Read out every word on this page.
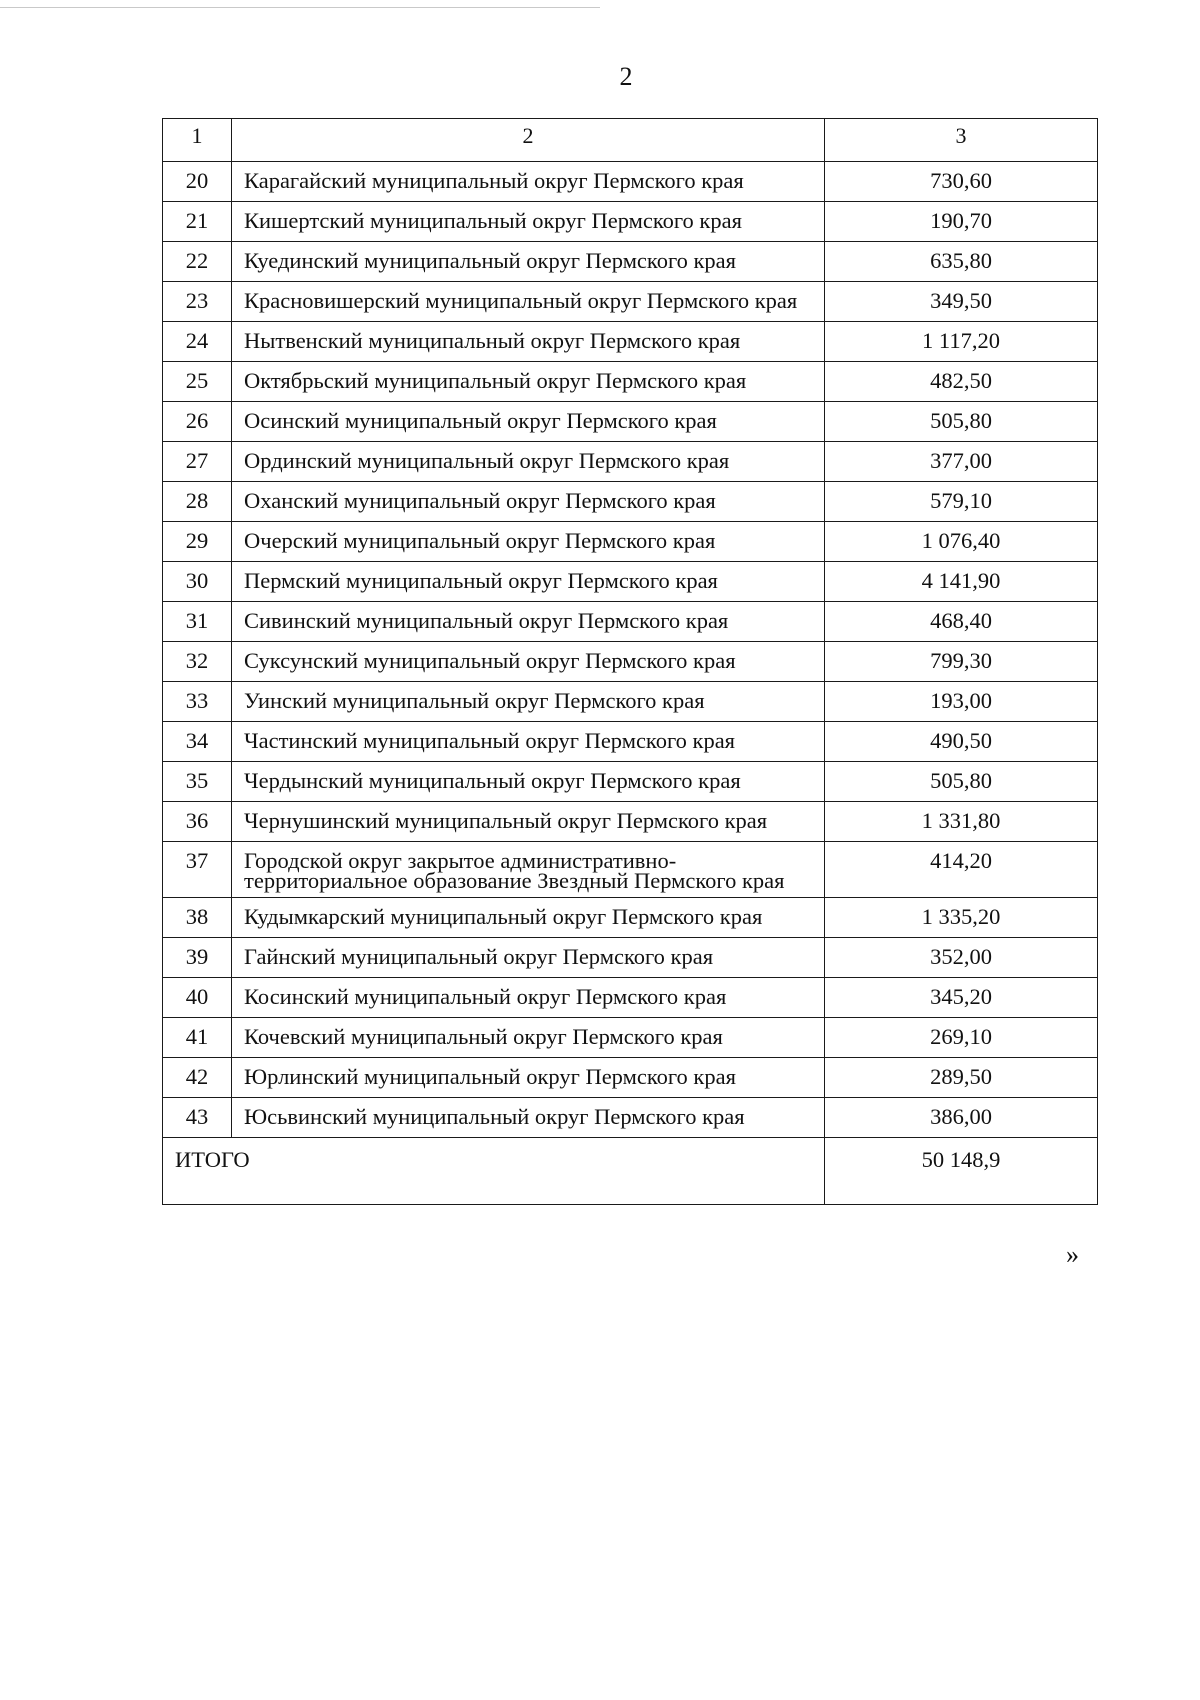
2
1	2	3
20	Карагайский муниципальный округ Пермского края	730,60
21	Кишертский муниципальный округ Пермского края	190,70
22	Куединский муниципальный округ Пермского края	635,80
23	Красновишерский муниципальный округ Пермского края	349,50
24	Нытвенский муниципальный округ Пермского края	1 117,20
25	Октябрьский муниципальный округ Пермского края	482,50
26	Осинский муниципальный округ Пермского края	505,80
27	Ординский муниципальный округ Пермского края	377,00
28	Оханский муниципальный округ Пермского края	579,10
29	Очерский муниципальный округ Пермского края	1 076,40
30	Пермский муниципальный округ Пермского края	4 141,90
31	Сивинский муниципальный округ Пермского края	468,40
32	Суксунский муниципальный округ Пермского края	799,30
33	Уинский муниципальный округ Пермского края	193,00
34	Частинский муниципальный округ Пермского края	490,50
35	Чердынский муниципальный округ Пермского края	505,80
36	Чернушинский муниципальный округ Пермского края	1 331,80
37	Городской округ закрытое административно-территориальное образование Звездный Пермского края	414,20
38	Кудымкарский муниципальный округ Пермского края	1 335,20
39	Гайнский муниципальный округ Пермского края	352,00
40	Косинский муниципальный округ Пермского края	345,20
41	Кочевский муниципальный округ Пермского края	269,10
42	Юрлинский муниципальный округ Пермского края	289,50
43	Юсьвинский муниципальный округ Пермского края	386,00
ИТОГО		50 148,9
»
